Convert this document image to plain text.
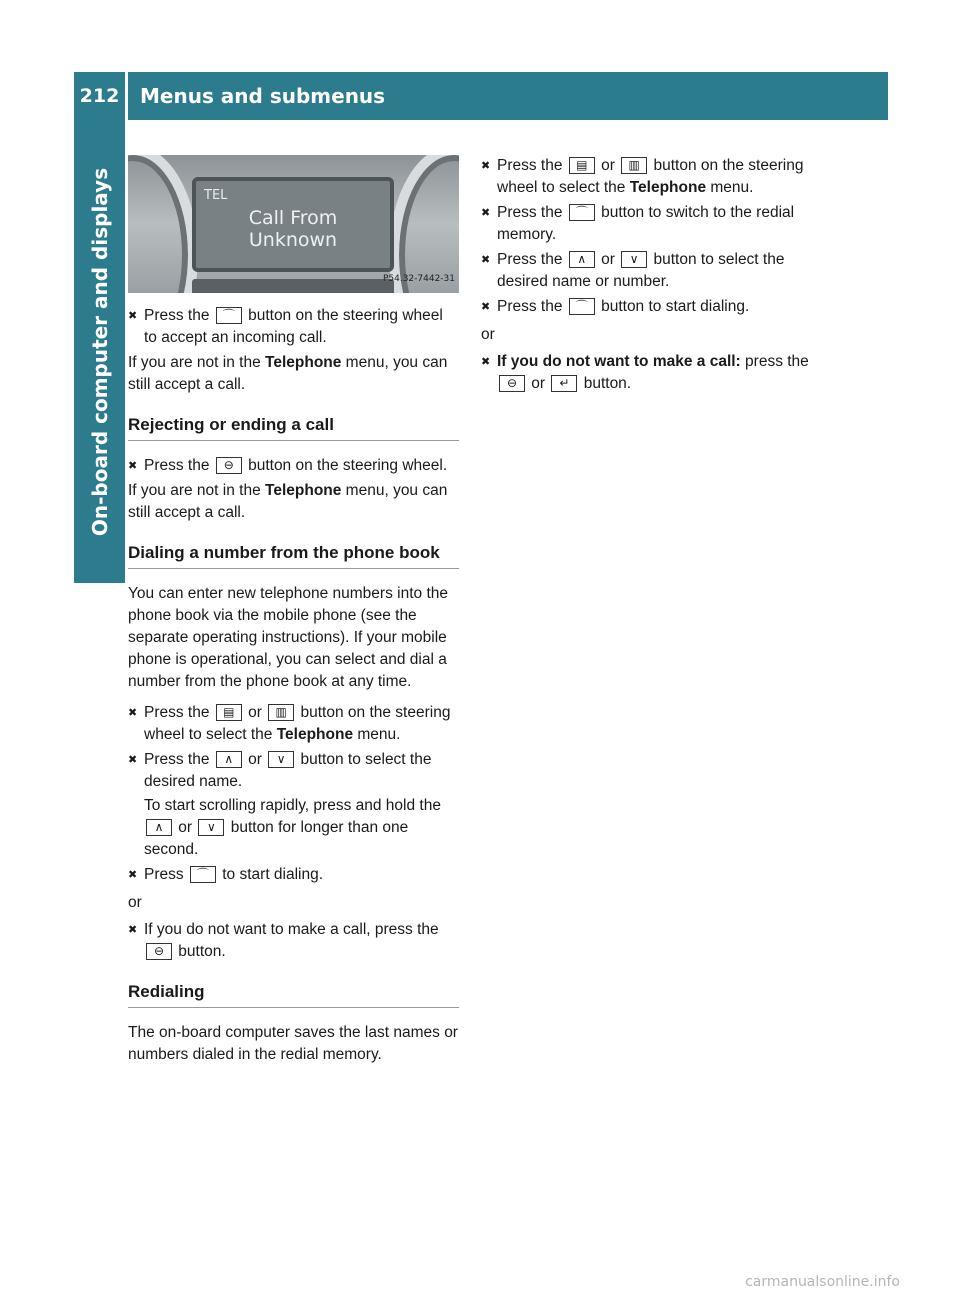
212	Menus and submenus
On-board computer and displays	TEL
Call From
Unknown
P54.32-7442-31
✖ Press the ⌒ button on the steering wheel to accept an incoming call.

If you are not in the Telephone menu, you can still accept a call.

Rejecting or ending a call
✖ Press the ⊖ button on the steering wheel.

If you are not in the Telephone menu, you can still accept a call.

Dialing a number from the phone book

You can enter new telephone numbers into the phone book via the mobile phone (see the separate operating instructions). If your mobile phone is operational, you can select and dial a number from the phone book at any time.

✖ Press the ▤ or ▥ button on the steering wheel to select the Telephone menu.
✖ Press the ∧ or ∨ button to select the desired name.
To start scrolling rapidly, press and hold the ∧ or ∨ button for longer than one second.
✖ Press ⌒ to start dialing.
or
✖ If you do not want to make a call, press the ⊖ button.
Redialing

The on-board computer saves the last names or numbers dialed in the redial memory.

✖ Press the ▤ or ▥ button on the steering wheel to select the Telephone menu.
✖ Press the ⌒ button to switch to the redial memory.
✖ Press the ∧ or ∨ button to select the desired name or number.
✖ Press the ⌒ button to start dialing.
or
✖ If you do not want to make a call: press the ⊖ or ↵ button.
carmanualsonline.info
